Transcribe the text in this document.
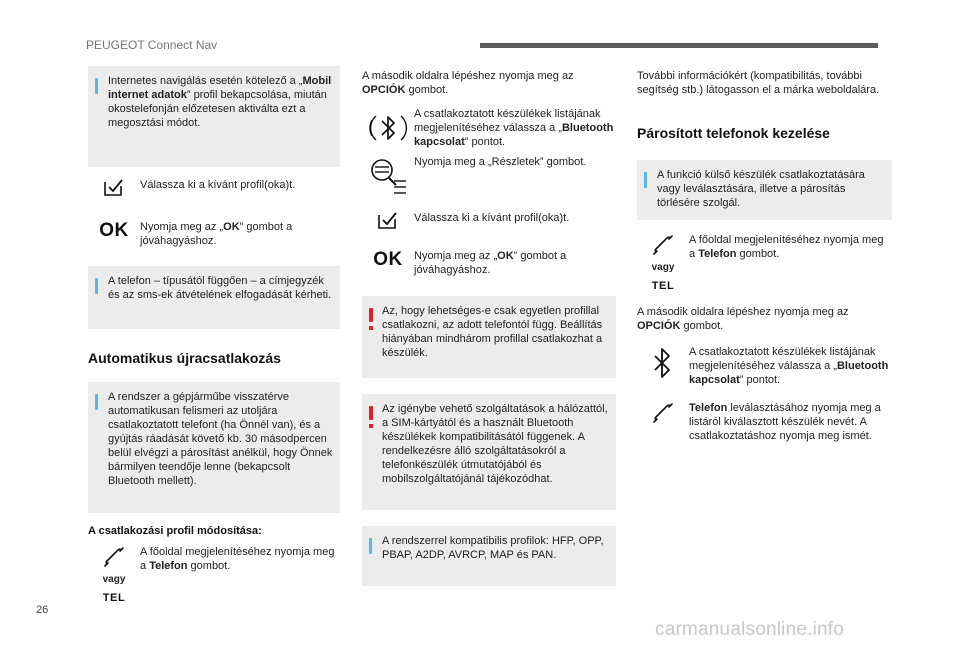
PEUGEOT Connect Nav
Internetes navigálás esetén kötelező a „Mobil internet adatok” profil bekapcsolása, miután okostelefonján előzetesen aktiválta ezt a megosztási módot.
Válassza ki a kívánt profil(oka)t.
OK Nyomja meg az „OK” gombot a jóváhagyáshoz.
A telefon – típusától függően – a címjegyzék és az sms-ek átvételének elfogadását kérheti.
Automatikus újracsatlakozás
A rendszer a gépjárműbe visszatérve automatikusan felismeri az utoljára csatlakoztatott telefont (ha Önnél van), és a gyújtás ráadását követő kb. 30 másodpercen belül elvégzi a párosítást anélkül, hogy Önnek bármilyen teendője lenne (bekapcsolt Bluetooth mellett).
A csatlakozási profil módosítása:
vagy
TEL
A főoldal megjelenítéséhez nyomja meg a Telefon gombot.
A második oldalra lépéshez nyomja meg az OPCIÓK gombot.
A csatlakoztatott készülékek listájának megjelenítéséhez válassza a „Bluetooth kapcsolat” pontot.
Nyomja meg a „Részletek” gombot.
Válassza ki a kívánt profil(oka)t.
OK Nyomja meg az „OK” gombot a jóváhagyáshoz.
Az, hogy lehetséges-e csak egyetlen profillal csatlakozni, az adott telefontól függ. Beállítás hiányában mindhárom profillal csatlakozhat a készülék.
Az igénybe vehető szolgáltatások a hálózattól, a SIM-kártyától és a használt Bluetooth készülékek kompatibilitásától függenek. A rendelkezésre álló szolgáltatásokról a telefonkészülék útmutatójából és mobilszolgáltatójánál tájékozódhat.
A rendszerrel kompatibilis profilok: HFP, OPP, PBAP, A2DP, AVRCP, MAP és PAN.
További információkért (kompatibilitás, további segítség stb.) látogasson el a márka weboldalára.
Párosított telefonok kezelése
A funkció külső készülék csatlakoztatására vagy leválasztására, illetve a párosítás törlésére szolgál.
vagy
TEL
A főoldal megjelenítéséhez nyomja meg a Telefon gombot.
A második oldalra lépéshez nyomja meg az OPCIÓK gombot.
A csatlakoztatott készülékek listájának megjelenítéséhez válassza a „Bluetooth kapcsolat” pontot.
Telefon leválasztásához nyomja meg a listáról kiválasztott készülék nevét. A csatlakoztatáshoz nyomja meg ismét.
26
carmanualsonline.info
